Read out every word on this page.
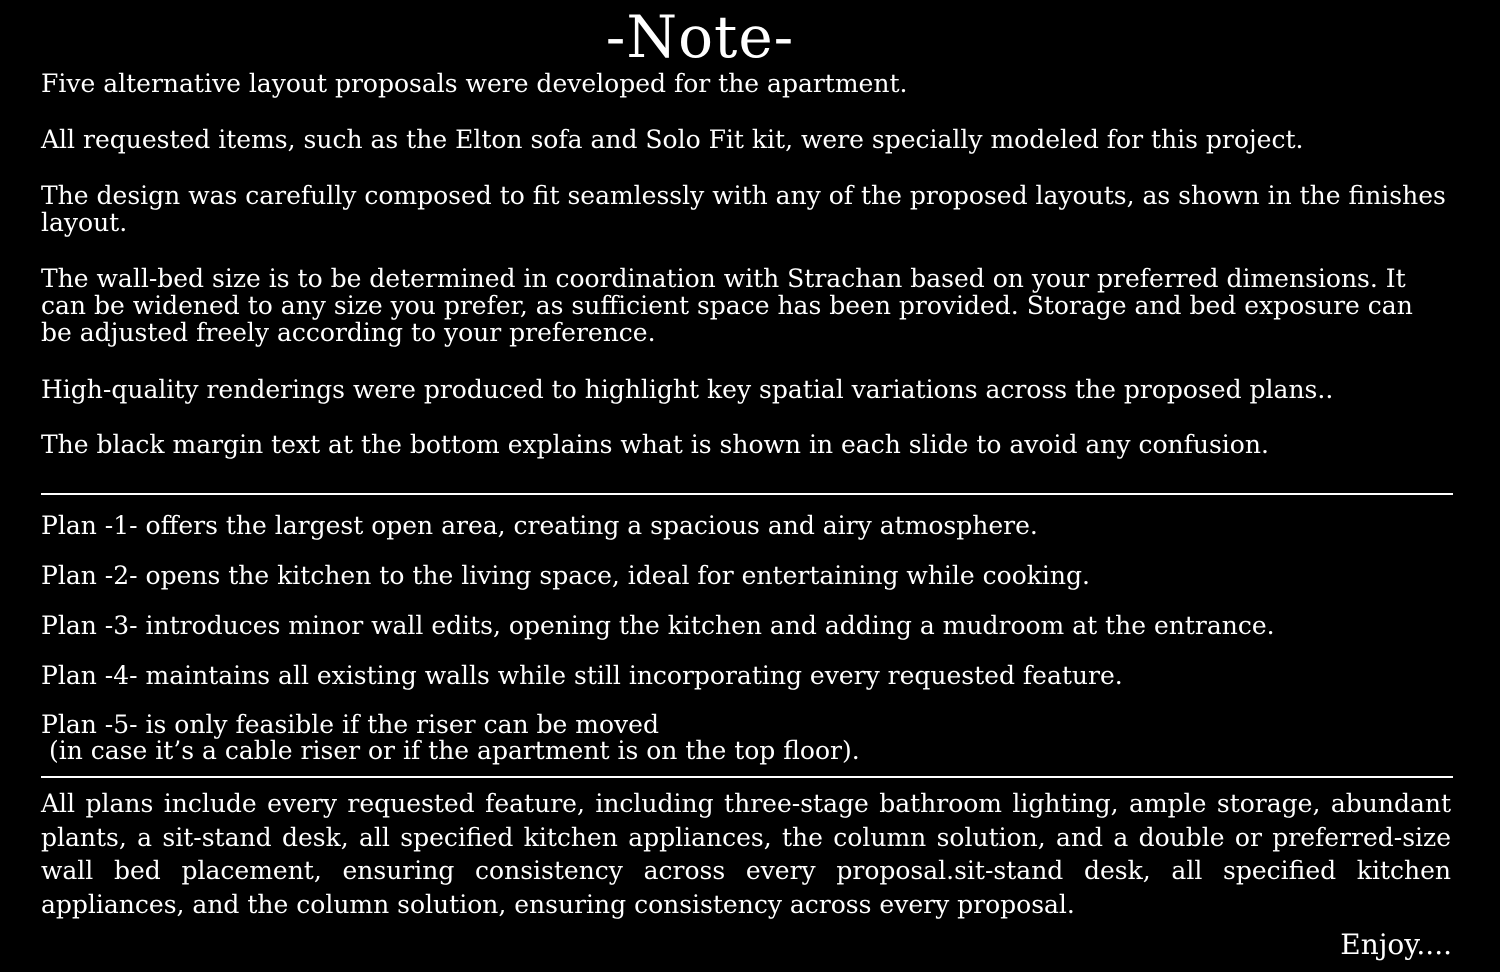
-Note-

Five alternative layout proposals were developed for the apartment.

All requested items, such as the Elton sofa and Solo Fit kit, were specially modeled for this project.

The design was carefully composed to fit seamlessly with any of the proposed layouts, as shown in the finishes layout.

The wall-bed size is to be determined in coordination with Strachan based on your preferred dimensions. It can be widened to any size you prefer, as sufficient space has been provided. Storage and bed exposure can be adjusted freely according to your preference.

High-quality renderings were produced to highlight key spatial variations across the proposed plans..

The black margin text at the bottom explains what is shown in each slide to avoid any confusion.

Plan -1- offers the largest open area, creating a spacious and airy atmosphere.

Plan -2- opens the kitchen to the living space, ideal for entertaining while cooking.

Plan -3- introduces minor wall edits, opening the kitchen and adding a mudroom at the entrance.

Plan -4- maintains all existing walls while still incorporating every requested feature.

Plan -5- is only feasible if the riser can be moved
(in case it’s a cable riser or if the apartment is on the top floor).

All plans include every requested feature, including three-stage bathroom lighting, ample storage, abundant plants, a sit-stand desk, all specified kitchen appliances, the column solution, and a double or preferred-size wall bed placement, ensuring consistency across every proposal.sit-stand desk, all specified kitchen appliances, and the column solution, ensuring consistency across every proposal.

Enjoy....
